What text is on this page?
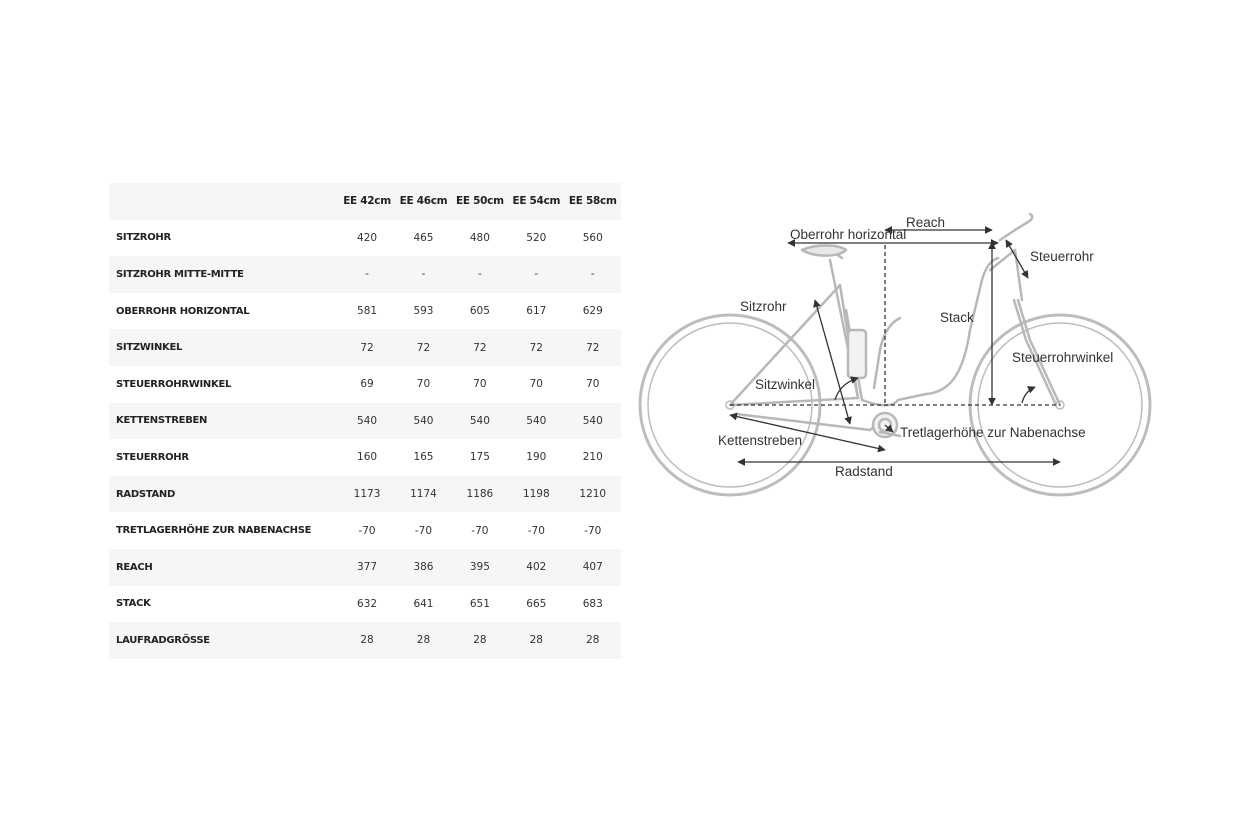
	EE 42cm	EE 46cm	EE 50cm	EE 54cm	EE 58cm
SITZROHR	420	465	480	520	560
SITZROHR MITTE-MITTE	-	-	-	-	-
OBERROHR HORIZONTAL	581	593	605	617	629
SITZWINKEL	72	72	72	72	72
STEUERROHRWINKEL	69	70	70	70	70
KETTENSTREBEN	540	540	540	540	540
STEUERROHR	160	165	175	190	210
RADSTAND	1173	1174	1186	1198	1210
TRETLAGERHÖHE ZUR NABENACHSE	-70	-70	-70	-70	-70
REACH	377	386	395	402	407
STACK	632	641	651	665	683
LAUFRADGRÖSSE	28	28	28	28	28
Reach
Oberrohr horizontal
Steuerrohr
Sitzrohr
Stack
Steuerrohrwinkel
Sitzwinkel
Kettenstreben
Tretlagerhöhe zur Nabenachse
Radstand
